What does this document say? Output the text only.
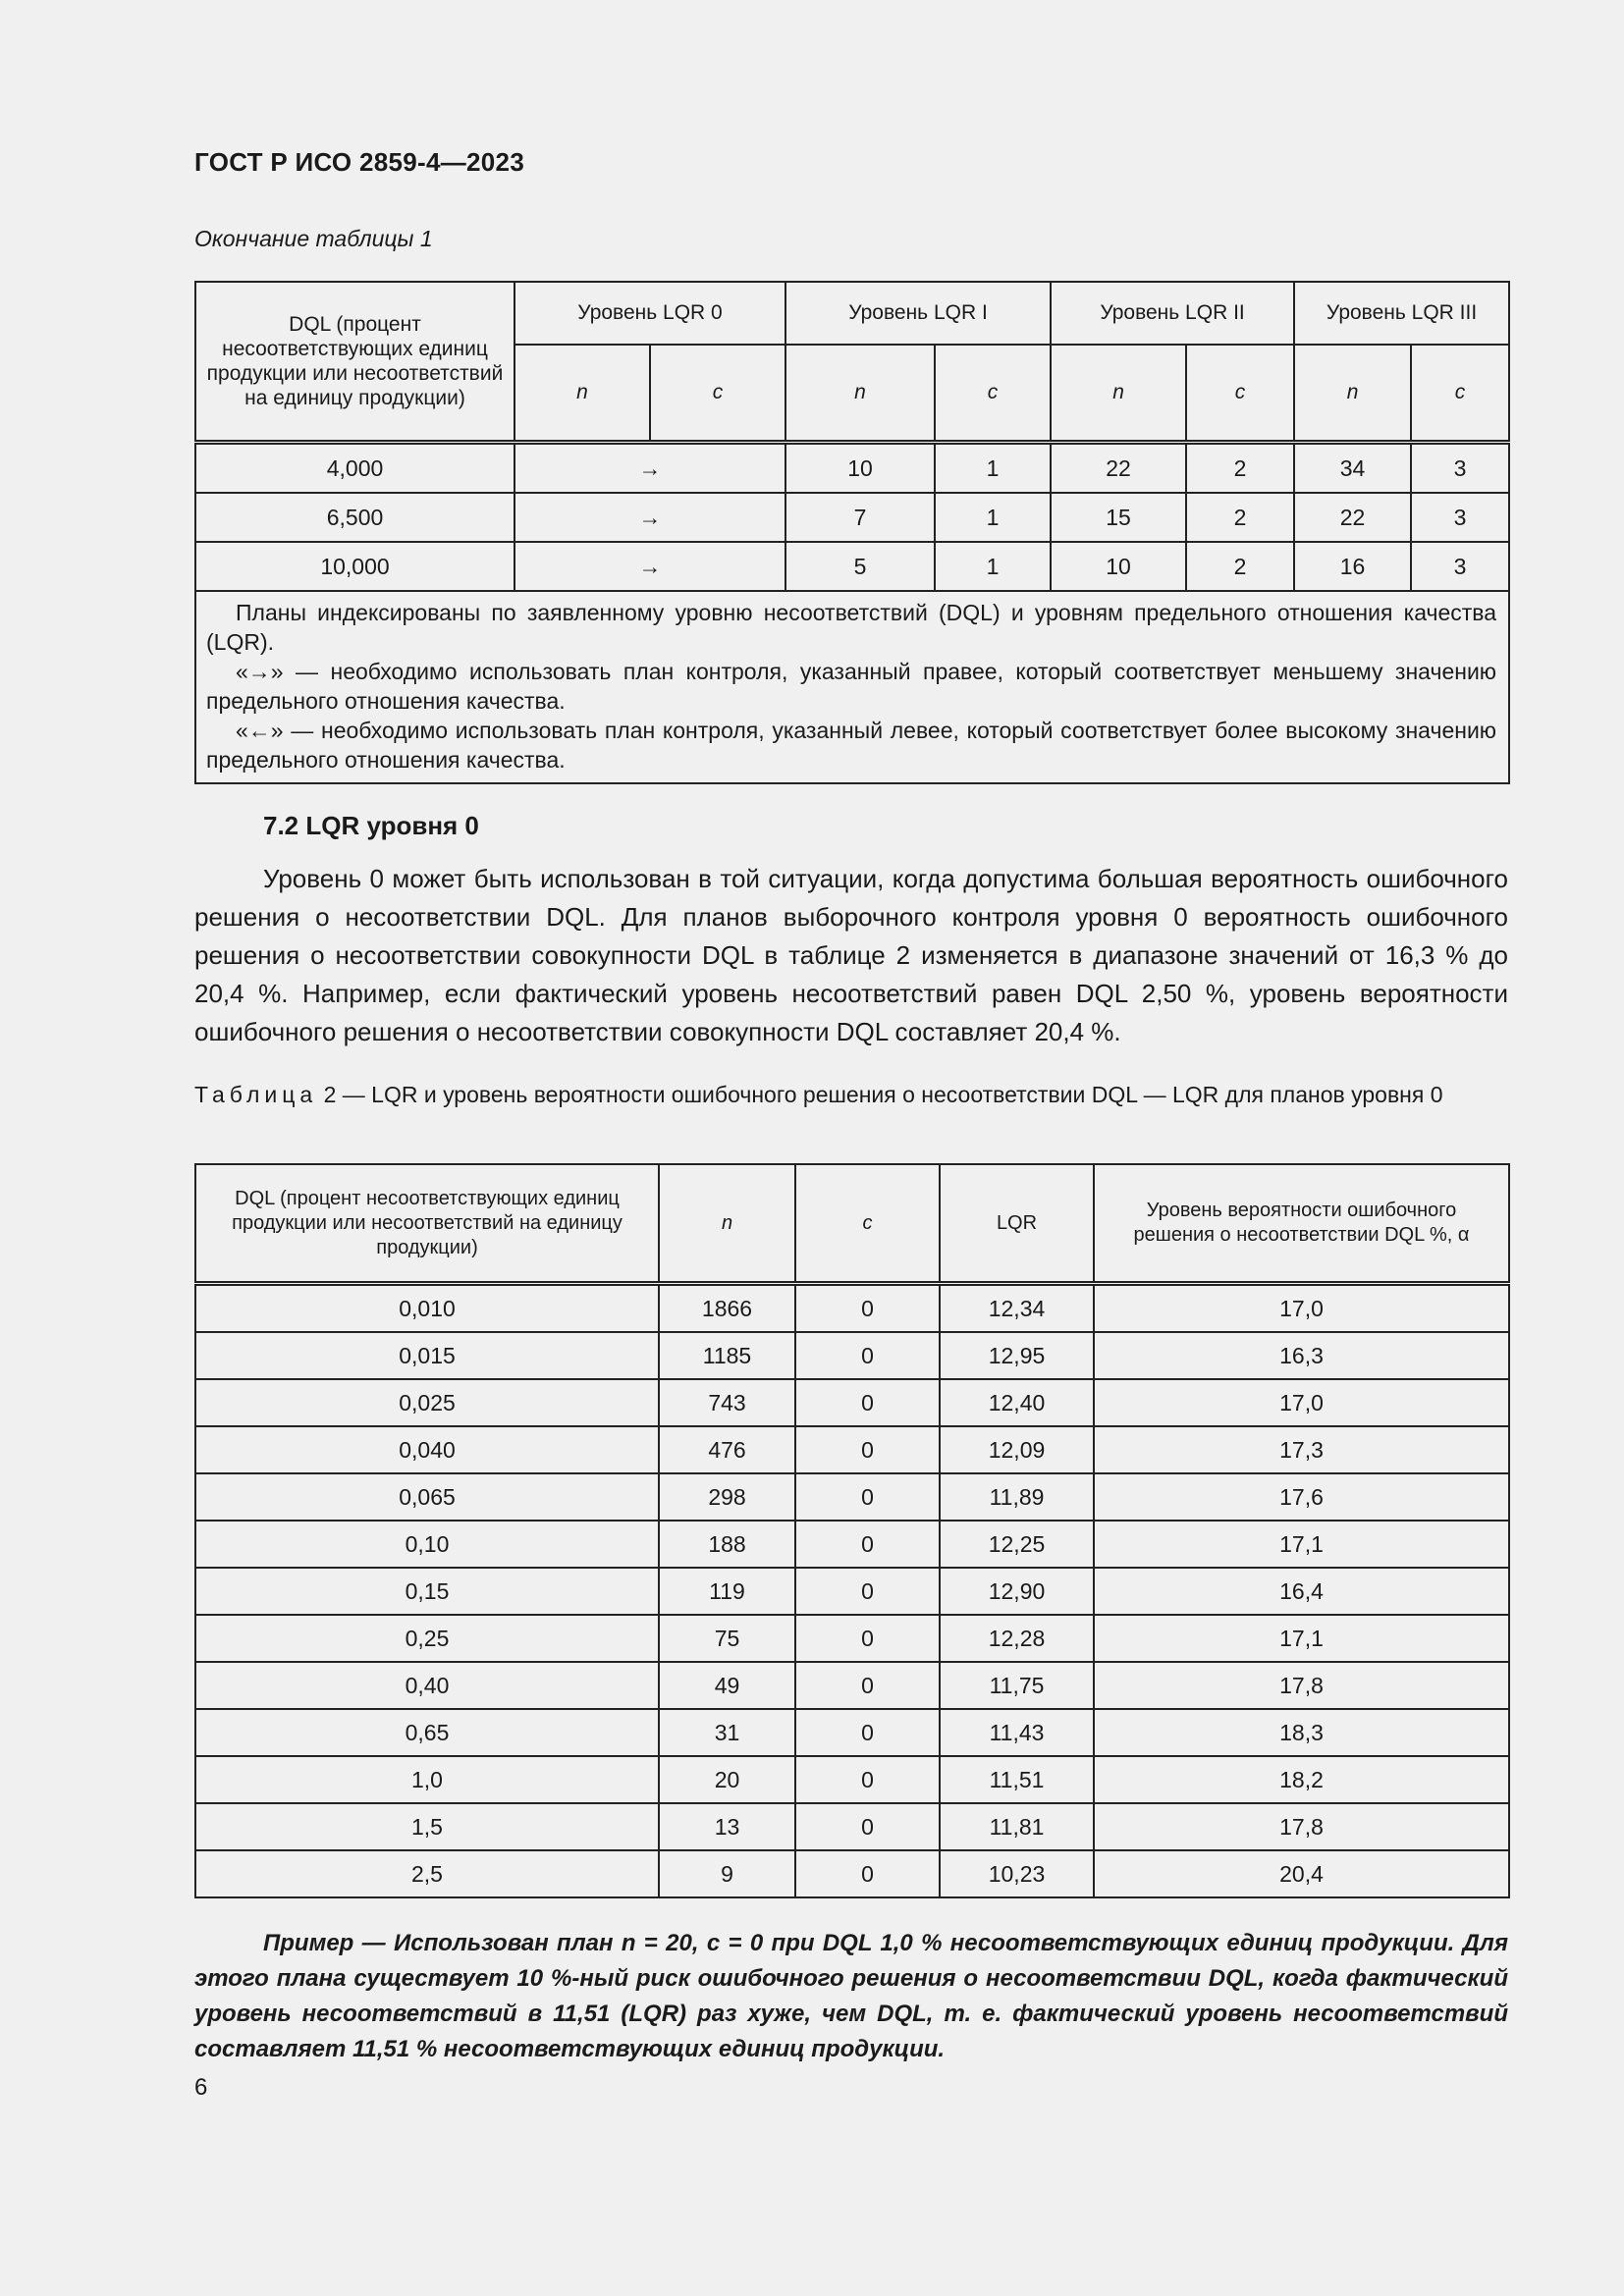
ГОСТ Р ИСО 2859-4—2023
Окончание таблицы 1
DQL (процент несоответствующих единиц продукции или несоответствий на единицу продукции)	Уровень LQR 0		Уровень LQR I		Уровень LQR II		Уровень LQR III	
	n	c	n	c	n	c	n	c
4,000	→		10	1	22	2	34	3
6,500	→		7	1	15	2	22	3
10,000	→		5	1	10	2	16	3

Планы индексированы по заявленному уровню несоответствий (DQL) и уровням предельного отношения качества (LQR).

«→» — необходимо использовать план контроля, указанный правее, который соответствует меньшему значению предельного отношения качества.

«←» — необходимо использовать план контроля, указанный левее, который соответствует более высокому значению предельного отношения качества.								

7.2 LQR уровня 0

Уровень 0 может быть использован в той ситуации, когда допустима большая вероятность ошибочного решения о несоответствии DQL. Для планов выборочного контроля уровня 0 вероятность ошибочного решения о несоответствии совокупности DQL в таблице 2 изменяется в диапазоне значений от 16,3 % до 20,4 %. Например, если фактический уровень несоответствий равен DQL 2,50 %, уровень вероятности ошибочного решения о несоответствии совокупности DQL составляет 20,4 %.

Таблица 2 — LQR и уровень вероятности ошибочного решения о несоответствии DQL — LQR для планов уровня 0

DQL (процент несоответствующих единиц продукции или несоответствий на единицу продукции)	n	c	LQR	Уровень вероятности ошибочного решения о несоответствии DQL %, α
0,010	1866	0	12,34	17,0
0,015	1185	0	12,95	16,3
0,025	743	0	12,40	17,0
0,040	476	0	12,09	17,3
0,065	298	0	11,89	17,6
0,10	188	0	12,25	17,1
0,15	119	0	12,90	16,4
0,25	75	0	12,28	17,1
0,40	49	0	11,75	17,8
0,65	31	0	11,43	18,3
1,0	20	0	11,51	18,2
1,5	13	0	11,81	17,8
2,5	9	0	10,23	20,4

Пример — Использован план n = 20, c = 0 при DQL 1,0 % несоответствующих единиц продукции. Для этого плана существует 10 %-ный риск ошибочного решения о несоответствии DQL, когда фактический уровень несоответствий в 11,51 (LQR) раз хуже, чем DQL, т. е. фактический уровень несоответствий составляет 11,51 % несоответствующих единиц продукции.

6
